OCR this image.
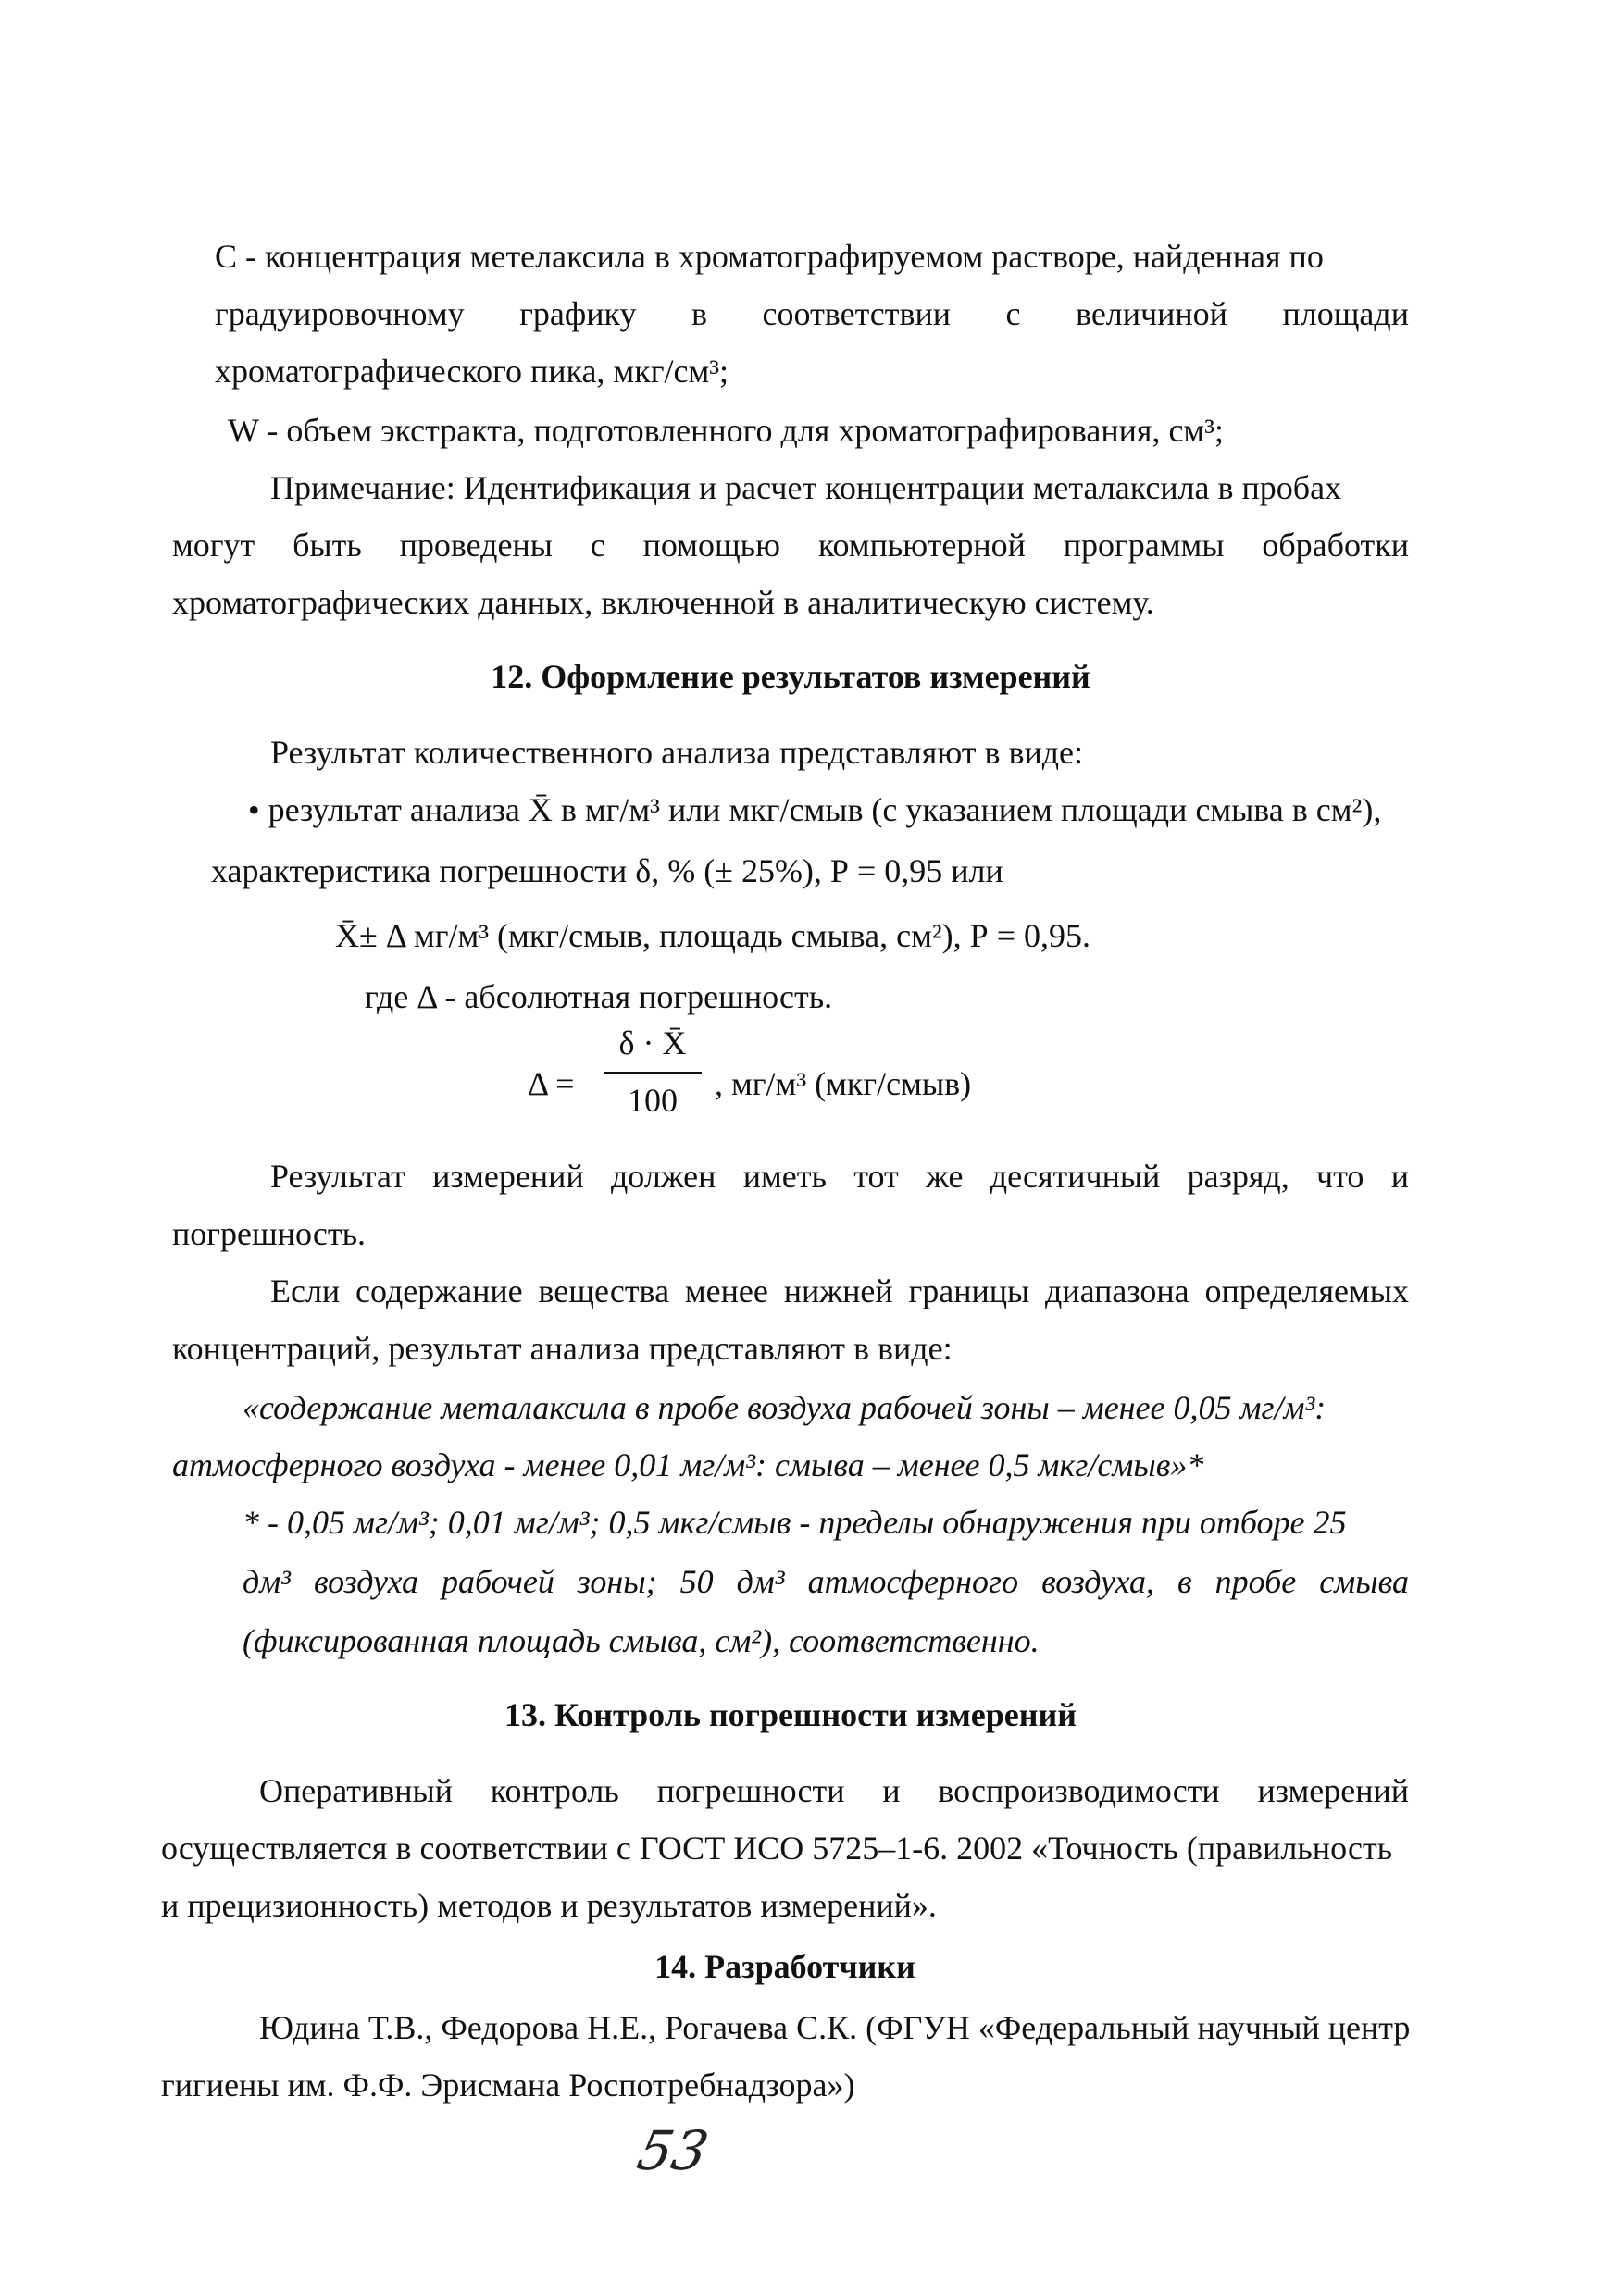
С - концентрация метелаксила в хроматографируемом растворе, найденная по
градуировочному графику в соответствии с величиной площади
хроматографического пика, мкг/см³;
W - объем экстракта, подготовленного для хроматографирования, см³;
Примечание: Идентификация и расчет концентрации металаксила в пробах
могут быть проведены с помощью компьютерной программы обработки
хроматографических данных, включенной в аналитическую систему.
12. Оформление результатов измерений
Результат количественного анализа представляют в виде:
• результат анализа X̄ в мг/м³ или мкг/смыв (с указанием площади смыва в см²),
характеристика погрешности δ, % (± 25%), Р = 0,95 или
X̄± Δ мг/м³ (мкг/смыв, площадь смыва, см²), Р = 0,95.
где Δ - абсолютная погрешность.
Δ =
δ · X̄
100	, мг/м³ (мкг/смыв)
Результат измерений должен иметь тот же десятичный разряд, что и
погрешность.
Если содержание вещества менее нижней границы диапазона определяемых
концентраций, результат анализа представляют в виде:
«содержание металаксила в пробе воздуха рабочей зоны – менее 0,05 мг/м³:
атмосферного воздуха - менее 0,01 мг/м³: смыва – менее 0,5 мкг/смыв»*
* - 0,05 мг/м³; 0,01 мг/м³; 0,5 мкг/смыв - пределы обнаружения при отборе 25
дм³ воздуха рабочей зоны; 50 дм³ атмосферного воздуха, в пробе смыва
(фиксированная площадь смыва, см²), соответственно.
13. Контроль погрешности измерений
Оперативный контроль погрешности и воспроизводимости измерений
осуществляется в соответствии с ГОСТ ИСО 5725–1-6. 2002 «Точность (правильность
и прецизионность) методов и результатов измерений».
14. Разработчики
Юдина Т.В., Федорова Н.Е., Рогачева С.К. (ФГУН «Федеральный научный центр
гигиены им. Ф.Ф. Эрисмана Роспотребнадзора»)
53
